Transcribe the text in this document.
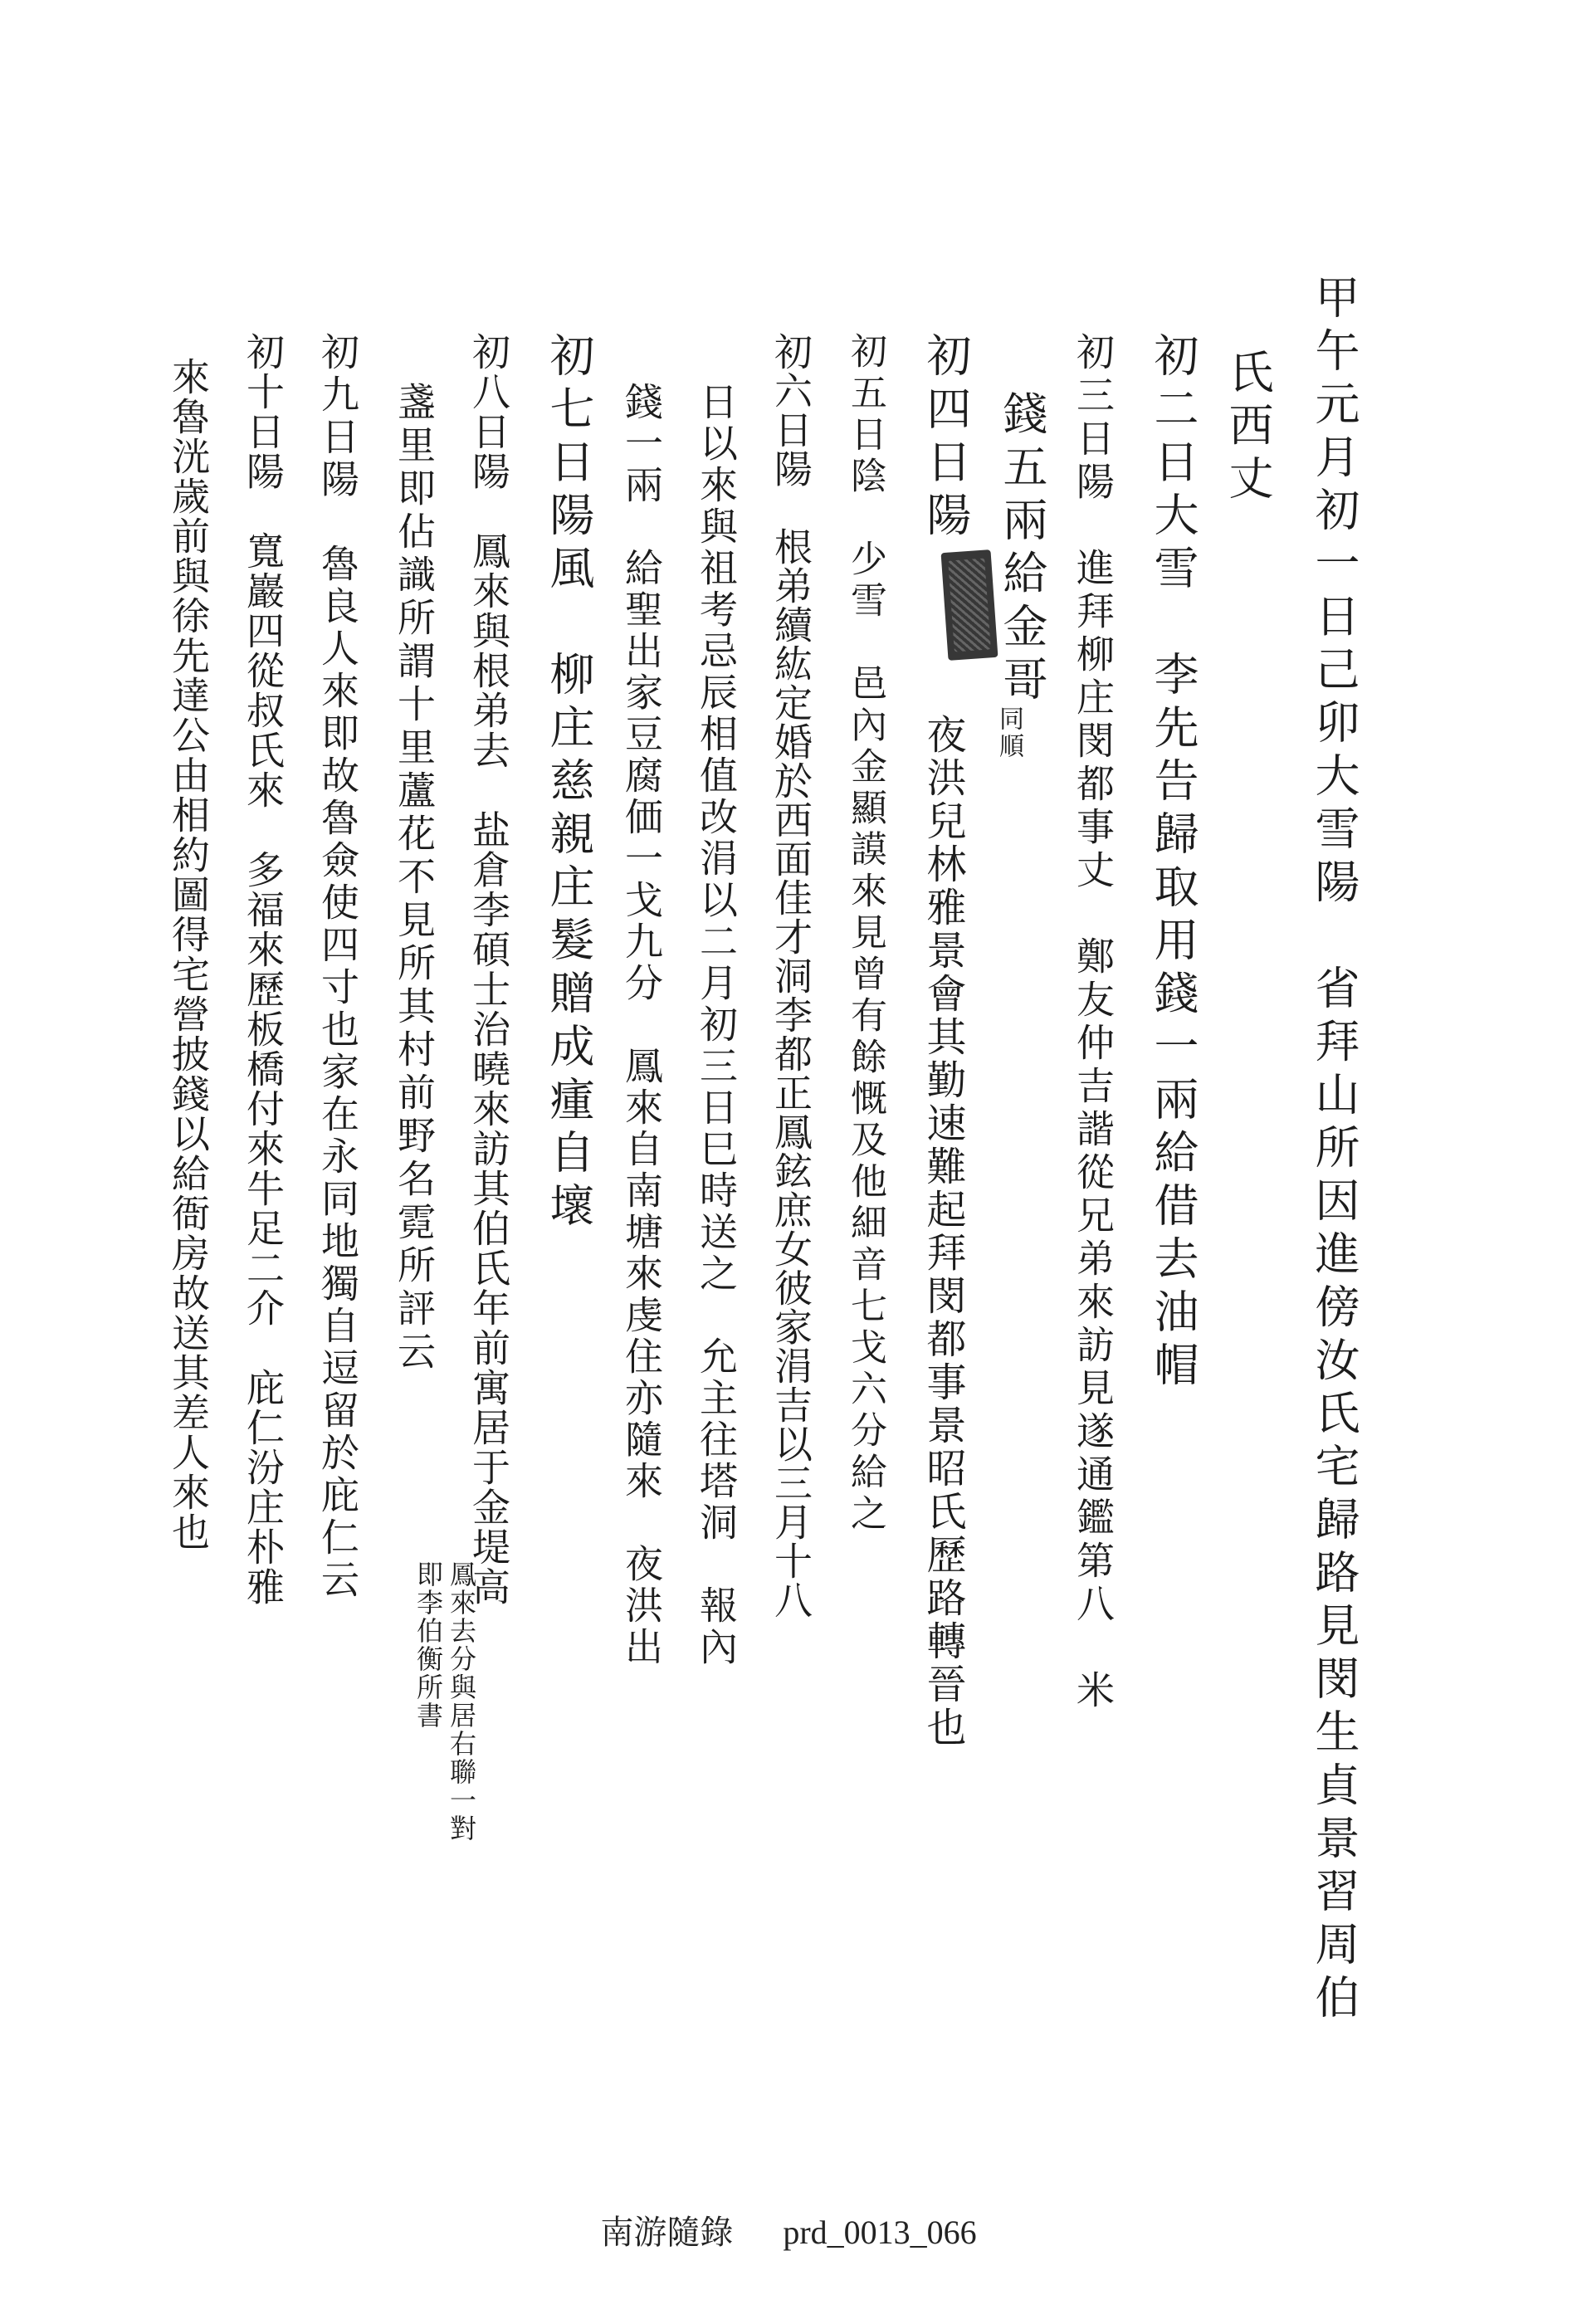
甲午元月初一日己卯大雪陽　省拜山所因進傍汝氏宅歸路見閔生貞景習周伯
氏西丈
初二日大雪　李先告歸取用錢一兩給借去油帽
初三日陽　進拜柳庄閔都事丈　鄭友仲吉諧從兄弟來訪見遂通鑑第八　米
錢五兩給金哥
同順
初四日陽
夜洪兒林雅景會其勤速難起拜閔都事景昭氏歷路轉晉也
初五日陰　少雪　邑內金顯謨來見曾有餘慨及他細音七戈六分給之
初六日陽　根弟續紘定婚於西面佳才洞李都正鳳鉉庶女彼家涓吉以三月十八
日以來與祖考忌辰相值改涓以二月初三日巳時送之　允主往塔洞　報內
錢一兩　給聖出家豆腐価一戈九分　鳳來自南塘來虔住亦隨來　夜洪出
初七日陽風　柳庄慈親庄髮贈成瘇自壞
初八日陽　鳳來與根弟去　盐倉李碩士治曉來訪其伯氏年前寓居于金堤高
盞里即佔識所謂十里蘆花不見所其村前野名霓所評云
鳳來去分與居右聯一對
即李伯衡所書
初九日陽　魯良人來即故魯僉使四寸也家在永同地獨自逗留於庇仁云
初十日陽　寬巖四從叔氏來　多福來歷板橋付來牛足二介　庇仁汾庄朴雅
來魯洸歲前與徐先達公由相約圖得宅營披錢以給衙房故送其差人來也
南游隨錄 prd_0013_066
